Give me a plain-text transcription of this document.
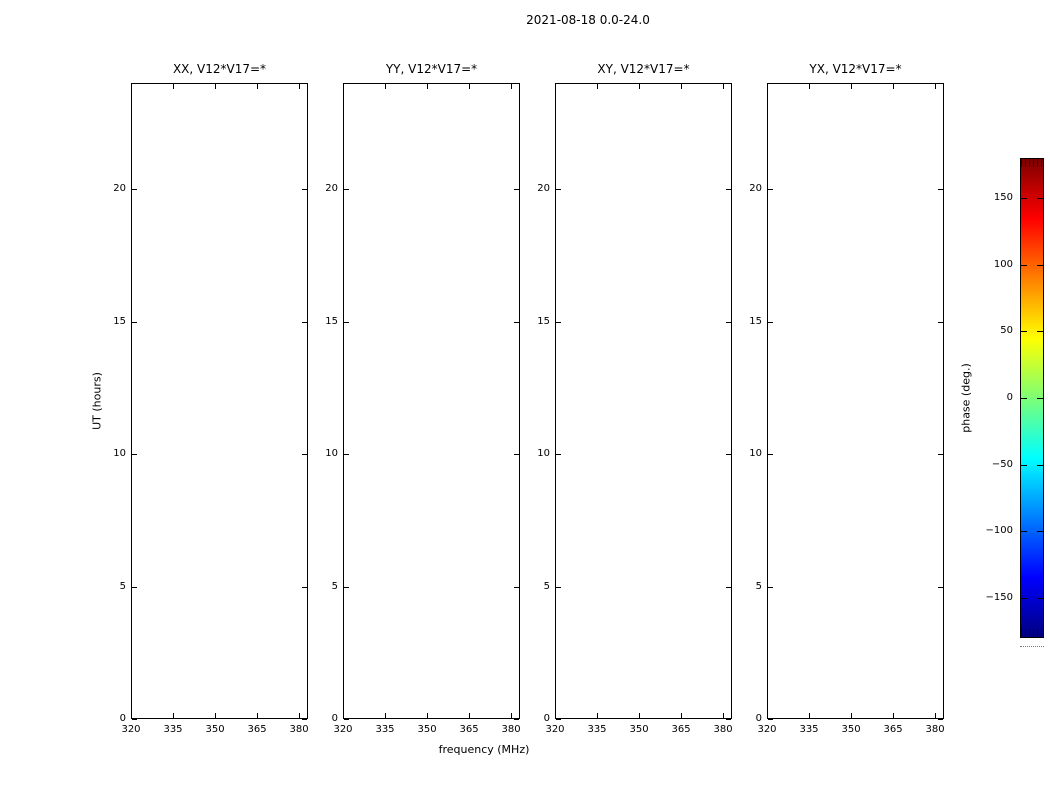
2021-08-18 0.0-24.0
XX, V12*V17=*
320 335 350 365 380
0
5
10
15
20
YY, V12*V17=*
320 335 350 365 380
0
5
10
15
20
XY, V12*V17=*
320 335 350 365 380
0
5
10
15
20
YX, V12*V17=*
320 335 350 365 380
0
5
10
15
20
frequency (MHz)
UT (hours)
150
100
50
0
−50
−100
−150
phase (deg.)
